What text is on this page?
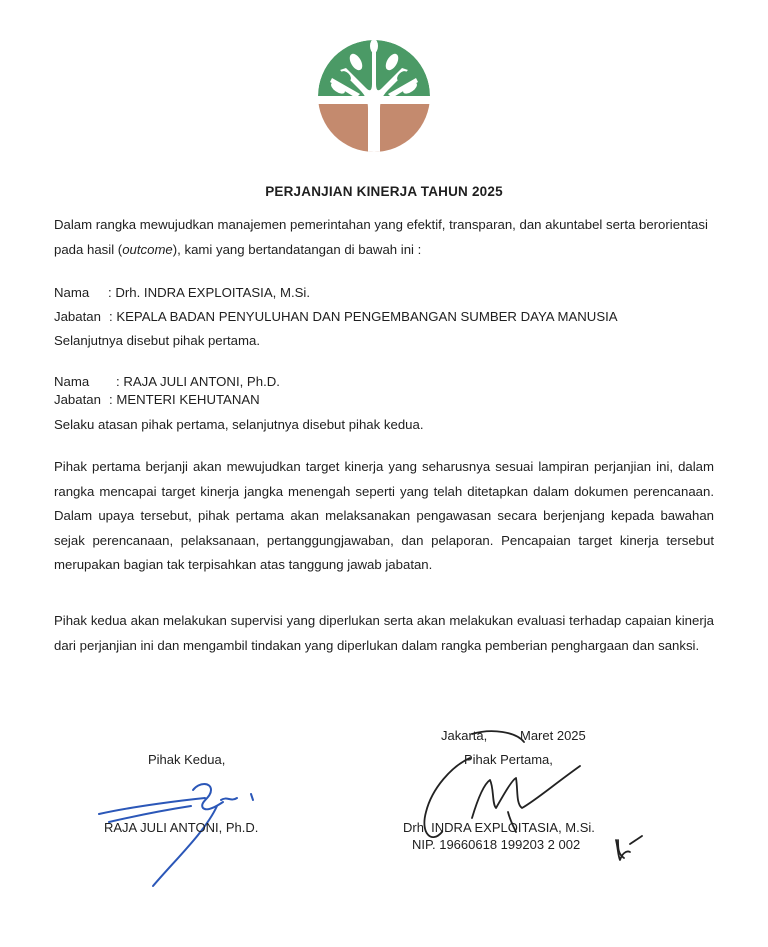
PERJANJIAN KINERJA TAHUN 2025

Dalam rangka mewujudkan manajemen pemerintahan yang efektif, transparan, dan akuntabel serta berorientasi pada hasil (outcome), kami yang bertandatangan di bawah ini :

Nama : Drh. INDRA EXPLOITASIA, M.Si.
Jabatan : KEPALA BADAN PENYULUHAN DAN PENGEMBANGAN SUMBER DAYA MANUSIA
Selanjutnya disebut pihak pertama.
Nama : RAJA JULI ANTONI, Ph.D.
Jabatan : MENTERI KEHUTANAN
Selaku atasan pihak pertama, selanjutnya disebut pihak kedua.

Pihak pertama berjanji akan mewujudkan target kinerja yang seharusnya sesuai lampiran perjanjian ini, dalam rangka mencapai target kinerja jangka menengah seperti yang telah ditetapkan dalam dokumen perencanaan. Dalam upaya tersebut, pihak pertama akan melaksanakan pengawasan secara berjenjang kepada bawahan sejak perencanaan, pelaksanaan, pertanggungjawaban, dan pelaporan. Pencapaian target kinerja tersebut merupakan bagian tak terpisahkan atas tanggung jawab jabatan.

Pihak kedua akan melakukan supervisi yang diperlukan serta akan melakukan evaluasi terhadap capaian kinerja dari perjanjian ini dan mengambil tindakan yang diperlukan dalam rangka pemberian penghargaan dan sanksi.

Jakarta,	Maret 2025
Pihak Kedua,
RAJA JULI ANTONI, Ph.D.
Pihak Pertama,
Drh. INDRA EXPLOITASIA, M.Si.
NIP. 19660618 199203 2 002
